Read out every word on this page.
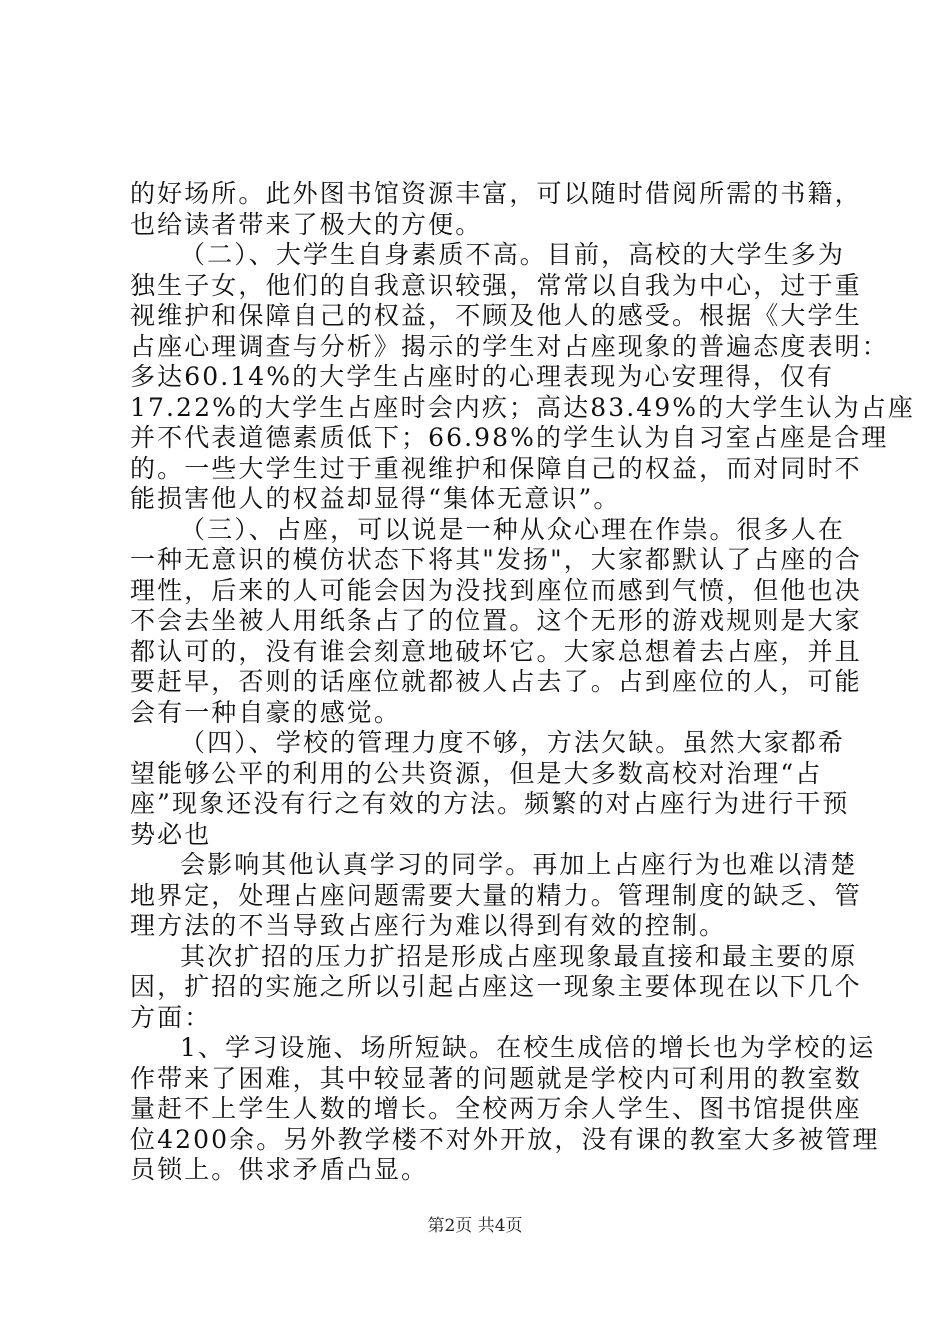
的好场所。此外图书馆资源丰富，可以随时借阅所需的书籍，
也给读者带来了极大的方便。
（二）、大学生自身素质不高。目前，高校的大学生多为
独生子女，他们的自我意识较强，常常以自我为中心，过于重
视维护和保障自己的权益，不顾及他人的感受。根据《大学生
占座心理调查与分析》揭示的学生对占座现象的普遍态度表明：
多达60.14%的大学生占座时的心理表现为心安理得，仅有
17.22%的大学生占座时会内疚；高达83.49%的大学生认为占座
并不代表道德素质低下；66.98%的学生认为自习室占座是合理
的。一些大学生过于重视维护和保障自己的权益，而对同时不
能损害他人的权益却显得“集体无意识”。
（三）、占座，可以说是一种从众心理在作祟。很多人在
一种无意识的模仿状态下将其"发扬"，大家都默认了占座的合
理性，后来的人可能会因为没找到座位而感到气愤，但他也决
不会去坐被人用纸条占了的位置。这个无形的游戏规则是大家
都认可的，没有谁会刻意地破坏它。大家总想着去占座，并且
要赶早，否则的话座位就都被人占去了。占到座位的人，可能
会有一种自豪的感觉。
（四）、学校的管理力度不够，方法欠缺。虽然大家都希
望能够公平的利用的公共资源，但是大多数高校对治理“占
座”现象还没有行之有效的方法。频繁的对占座行为进行干预
势必也
会影响其他认真学习的同学。再加上占座行为也难以清楚
地界定，处理占座问题需要大量的精力。管理制度的缺乏、管
理方法的不当导致占座行为难以得到有效的控制。
其次扩招的压力扩招是形成占座现象最直接和最主要的原
因，扩招的实施之所以引起占座这一现象主要体现在以下几个
方面：
1、学习设施、场所短缺。在校生成倍的增长也为学校的运
作带来了困难，其中较显著的问题就是学校内可利用的教室数
量赶不上学生人数的增长。全校两万余人学生、图书馆提供座
位4200余。另外教学楼不对外开放，没有课的教室大多被管理
员锁上。供求矛盾凸显。
第2页 共4页
